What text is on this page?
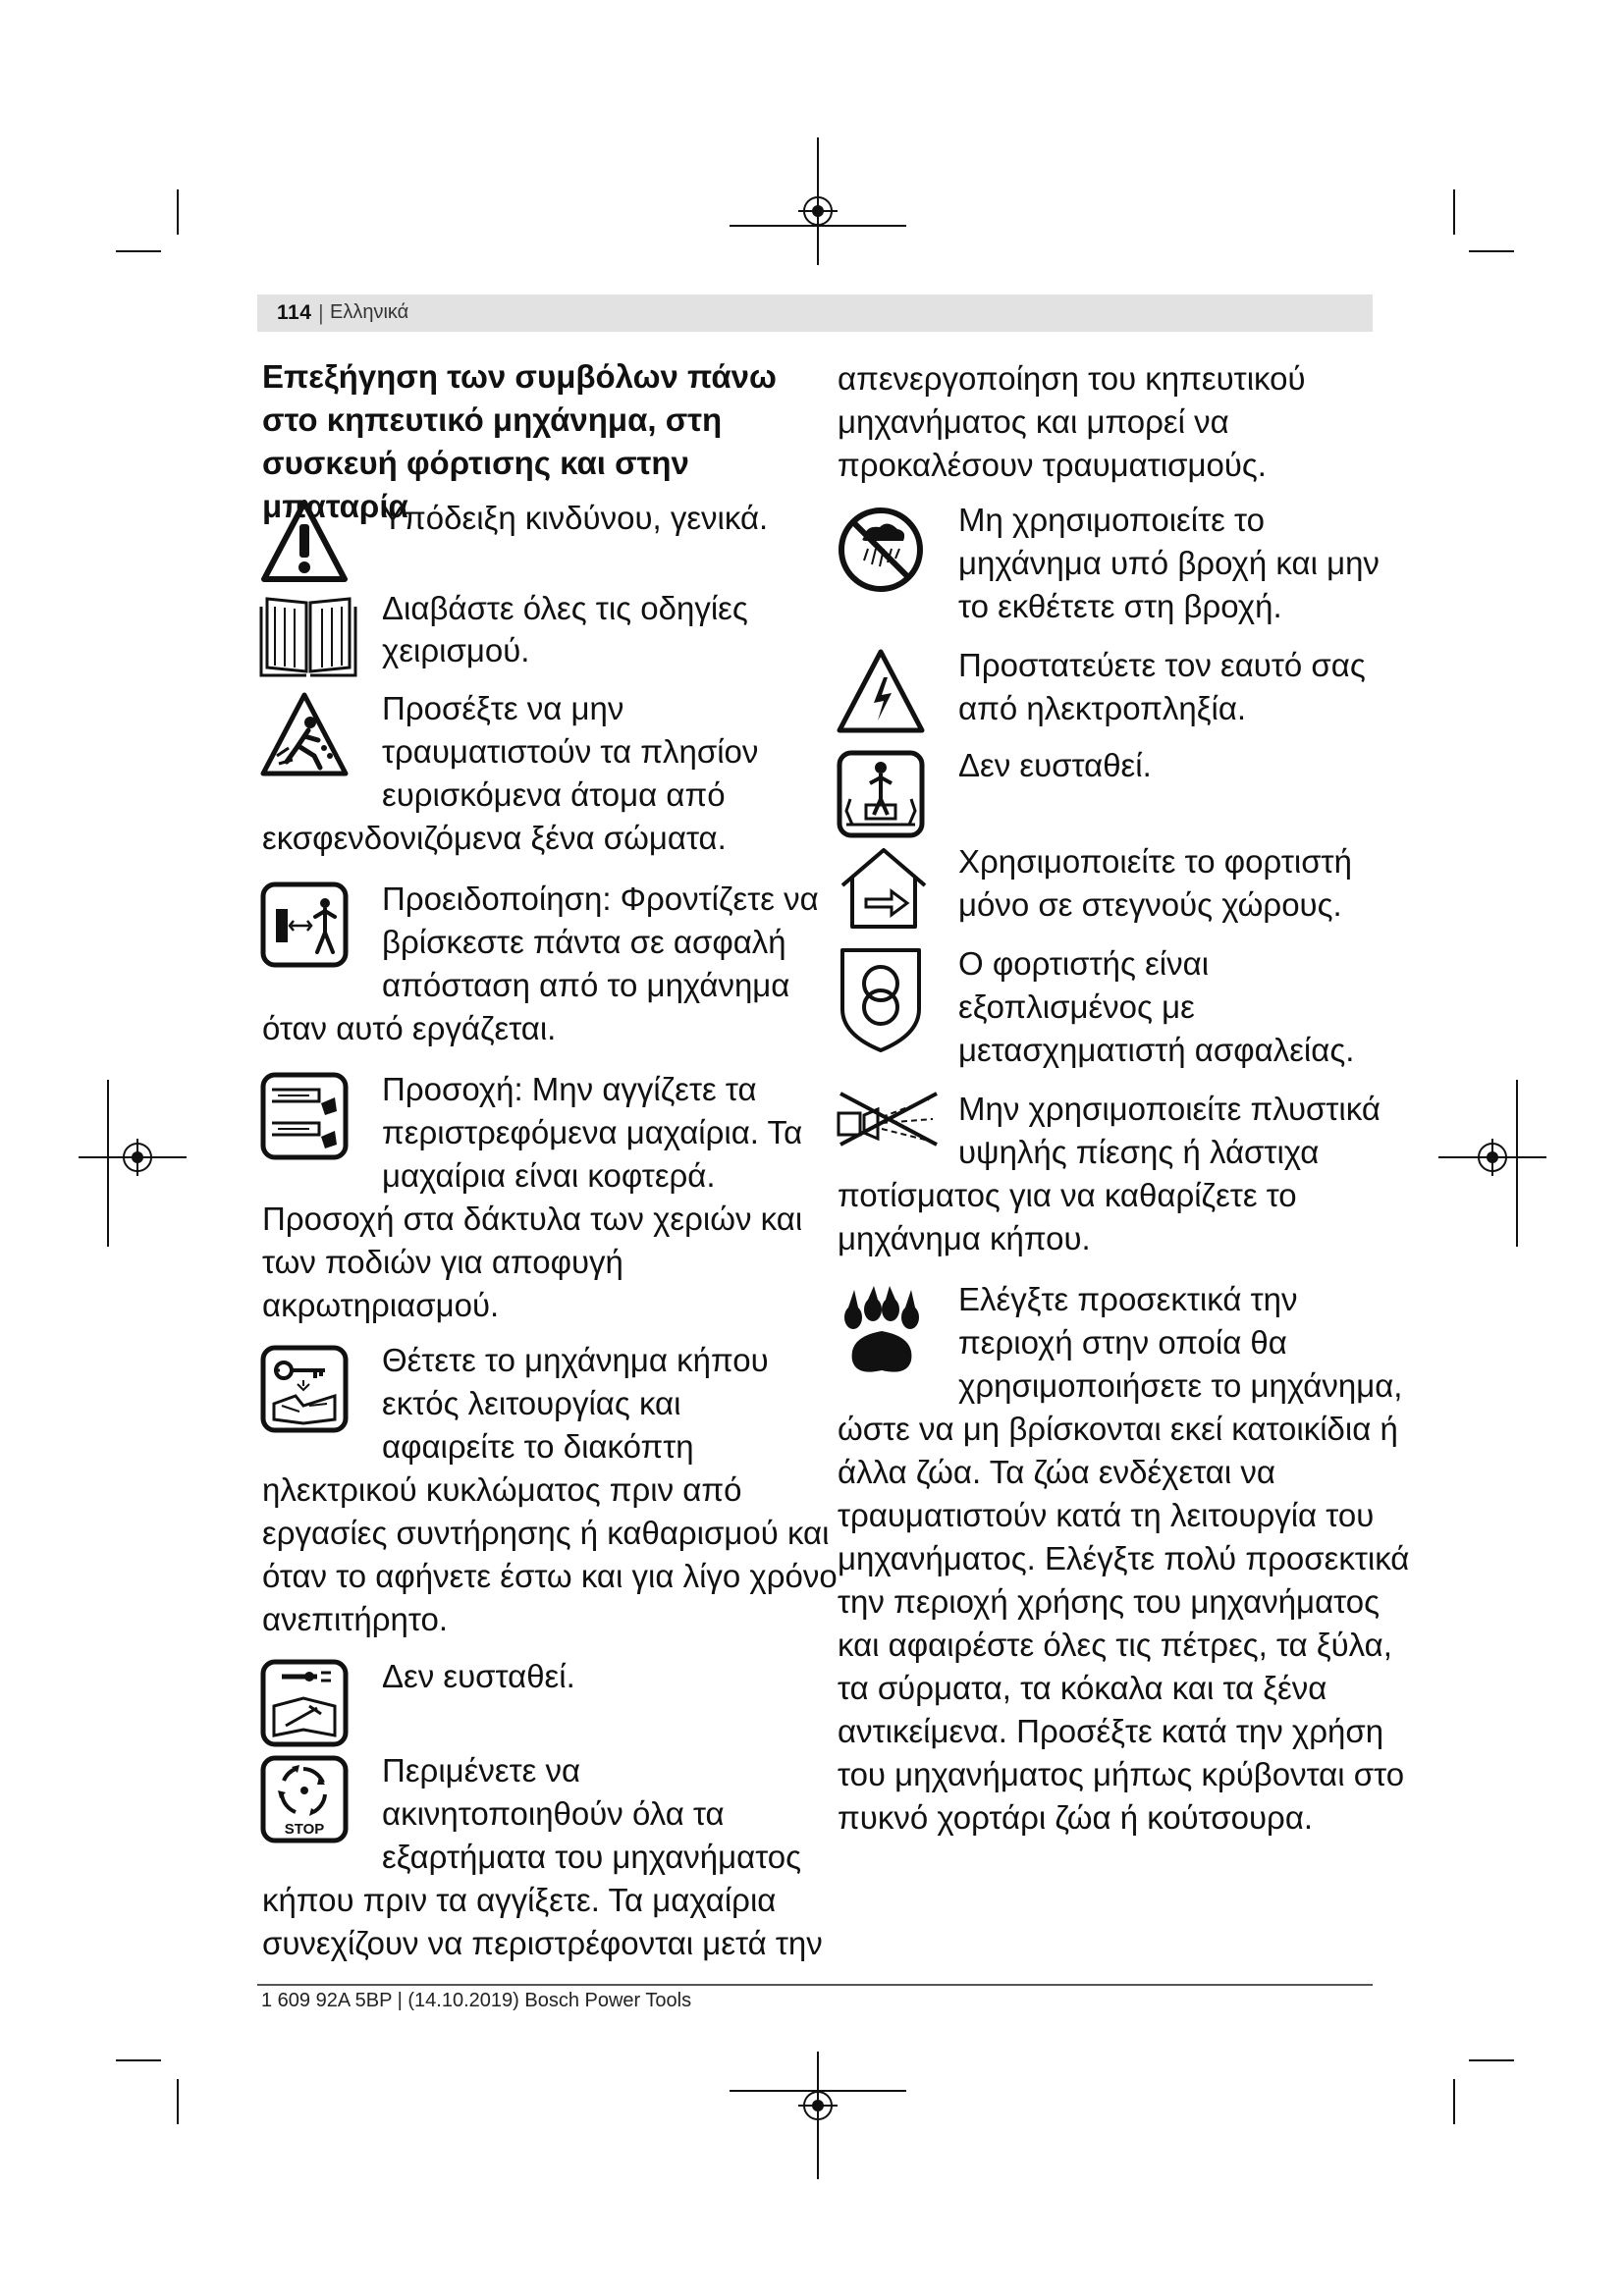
114 | Ελληνικά
Επεξήγηση των συμβόλων πάνω στο κηπευτικό μηχάνημα, στη συσκευή φόρτισης και στην μπαταρία
Υπόδειξη κινδύνου, γενικά.
Διαβάστε όλες τις οδηγίες
χειρισμού.
Προσέξτε να μην
τραυματιστούν τα πλησίον
ευρισκόμενα άτομα από
εκσφενδονιζόμενα ξένα σώματα.
Προειδοποίηση: Φροντίζετε να
βρίσκεστε πάντα σε ασφαλή
απόσταση από το μηχάνημα
όταν αυτό εργάζεται.
Προσοχή: Μην αγγίζετε τα
περιστρεφόμενα μαχαίρια. Τα
μαχαίρια είναι κοφτερά.
Προσοχή στα δάκτυλα των χεριών και
των ποδιών για αποφυγή
ακρωτηριασμού.
Θέτετε το μηχάνημα κήπου
εκτός λειτουργίας και
αφαιρείτε το διακόπτη
ηλεκτρικού κυκλώματος πριν από
εργασίες συντήρησης ή καθαρισμού και
όταν το αφήνετε έστω και για λίγο χρόνο
ανεπιτήρητο.
Δεν ευσταθεί.
STOP
Περιμένετε να
ακινητοποιηθούν όλα τα
εξαρτήματα του μηχανήματος
κήπου πριν τα αγγίξετε. Τα μαχαίρια
συνεχίζουν να περιστρέφονται μετά την
απενεργοποίηση του κηπευτικού
μηχανήματος και μπορεί να
προκαλέσουν τραυματισμούς.
Μη χρησιμοποιείτε το
μηχάνημα υπό βροχή και μην
το εκθέτετε στη βροχή.
Προστατεύετε τον εαυτό σας
από ηλεκτροπληξία.
Δεν ευσταθεί.
Χρησιμοποιείτε το φορτιστή
μόνο σε στεγνούς χώρους.
Ο φορτιστής είναι
εξοπλισμένος με
μετασχηματιστή ασφαλείας.
Μην χρησιμοποιείτε πλυστικά
υψηλής πίεσης ή λάστιχα
ποτίσματος για να καθαρίζετε το
μηχάνημα κήπου.
Ελέγξτε προσεκτικά την
περιοχή στην οποία θα
χρησιμοποιήσετε το μηχάνημα,
ώστε να μη βρίσκονται εκεί κατοικίδια ή
άλλα ζώα. Τα ζώα ενδέχεται να
τραυματιστούν κατά τη λειτουργία του
μηχανήματος. Ελέγξτε πολύ προσεκτικά
την περιοχή χρήσης του μηχανήματος
και αφαιρέστε όλες τις πέτρες, τα ξύλα,
τα σύρματα, τα κόκαλα και τα ξένα
αντικείμενα. Προσέξτε κατά την χρήση
του μηχανήματος μήπως κρύβονται στο
πυκνό χορτάρι ζώα ή κούτσουρα.
1 609 92A 5BP | (14.10.2019) Bosch Power Tools
